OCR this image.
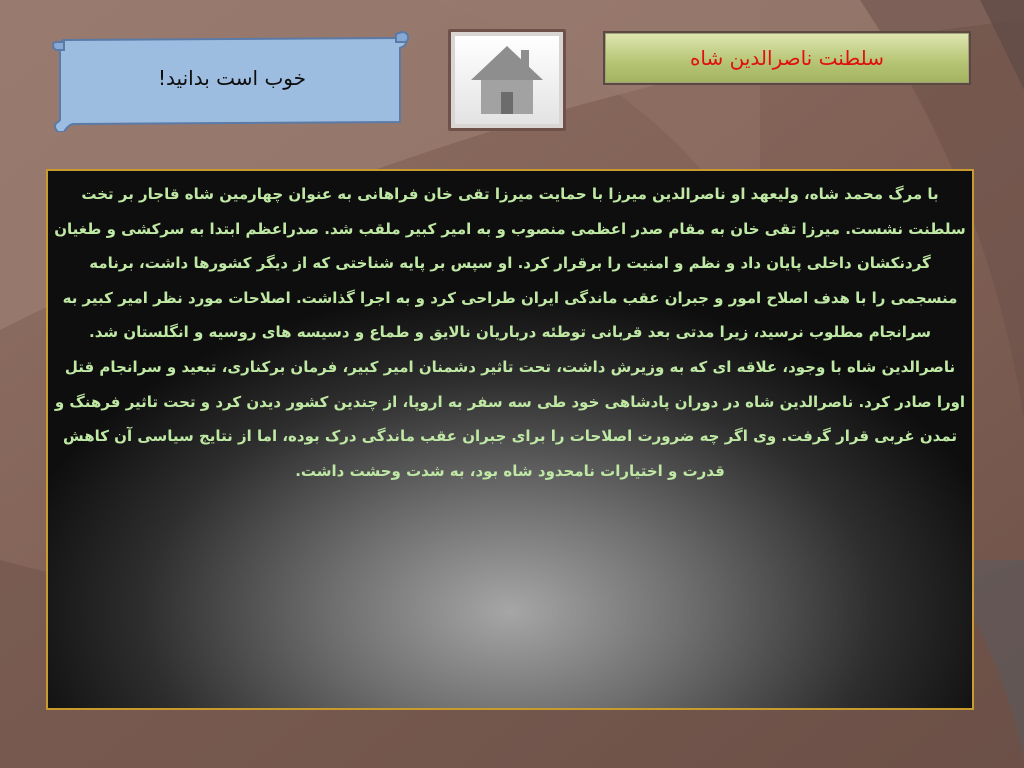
خوب است بدانید!
سلطنت ناصرالدین شاه

با مرگ محمد شاه، ولیعهد او ناصرالدین میرزا با حمایت میرزا تقی خان فراهانی به عنوان چهارمین شاه قاجار بر تخت سلطنت نشست. میرزا تقی خان به مقام صدر اعظمی منصوب و به امیر کبیر ملقب شد. صدراعظم ابتدا به سرکشی و طغیان گردنکشان داخلی پایان داد و نظم و امنیت را برقرار کرد. او سپس بر پایه شناختی که از دیگر کشورها داشت، برنامه منسجمی را با هدف اصلاح امور و جبران عقب ماندگی ایران طراحی کرد و به اجرا گذاشت. اصلاحات مورد نظر امیر کبیر به سرانجام مطلوب نرسید، زیرا مدتی بعد قربانی توطئه درباریان نالایق و طماع و دسیسه های روسیه و انگلستان شد. ناصرالدین شاه با وجود، علاقه ای که به وزیرش داشت، تحت تاثیر دشمنان امیر کبیر، فرمان برکناری، تبعید و سرانجام قتل اورا صادر کرد. ناصرالدین شاه در دوران پادشاهی خود طی سه سفر به اروپا، از چندین کشور دیدن کرد و تحت تاثیر فرهنگ و تمدن غربی قرار گرفت. وی اگر چه ضرورت اصلاحات را برای جبران عقب ماندگی درک بوده، اما از نتایج سیاسی آن کاهش قدرت و اختیارات نامحدود شاه بود، به شدت وحشت داشت.
